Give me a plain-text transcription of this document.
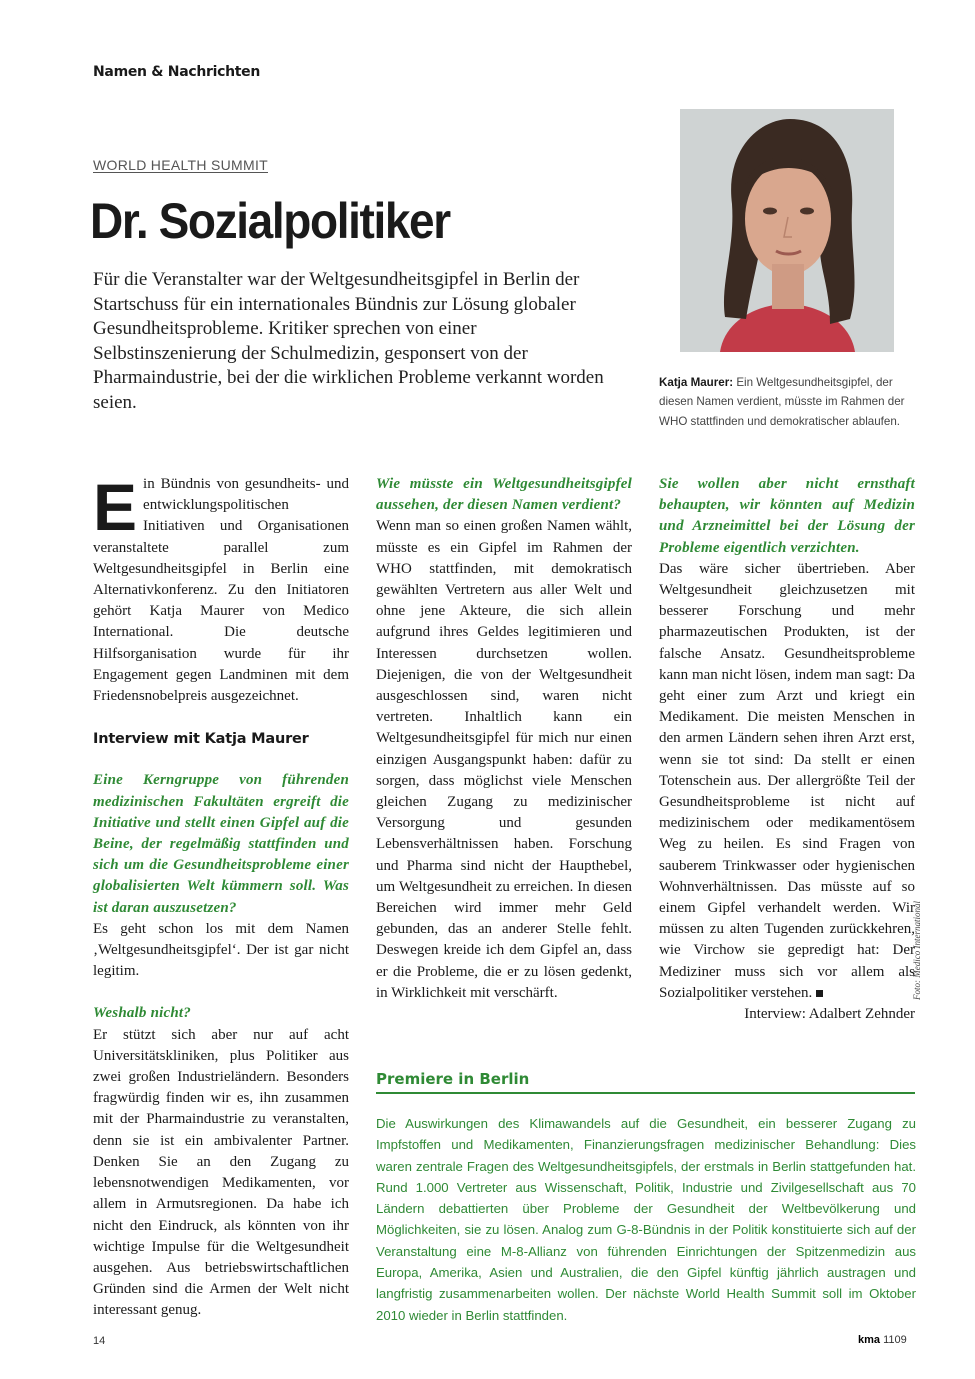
Namen & Nachrichten
WORLD HEALTH SUMMIT
Dr. Sozialpolitiker
Für die Veranstalter war der Weltgesundheitsgipfel in Berlin der Startschuss für ein internationales Bündnis zur Lösung globaler Gesundheitsprobleme. Kritiker sprechen von einer Selbstinszenierung der Schulmedizin, gesponsert von der Pharmaindustrie, bei der die wirklichen Probleme verkannt worden seien.
Katja Maurer: Ein Weltgesundheitsgipfel, der diesen Namen verdient, müsste im Rahmen der WHO stattfinden und demokratischer ablaufen.
Ein Bündnis von gesundheits- und entwicklungspolitischen Initiativen und Organisationen veranstaltete parallel zum Weltgesundheitsgipfel in Berlin eine Alternativkonferenz. Zu den Initiatoren gehört Katja Maurer von Medico International. Die deutsche Hilfsorganisation wurde für ihr Engagement gegen Landminen mit dem Friedensnobelpreis ausgezeichnet.
Interview mit Katja Maurer
Eine Kerngruppe von führenden medizinischen Fakultäten ergreift die Initiative und stellt einen Gipfel auf die Beine, der regelmäßig stattfinden und sich um die Gesundheitsprobleme einer globalisierten Welt kümmern soll. Was ist daran auszusetzen?
Es geht schon los mit dem Namen ‚Weltgesundheitsgipfel‘. Der ist gar nicht legitim.
Weshalb nicht?
Er stützt sich aber nur auf acht Universitätskliniken, plus Politiker aus zwei großen Industrieländern. Besonders fragwürdig finden wir es, ihn zusammen mit der Pharmaindustrie zu veranstalten, denn sie ist ein ambivalenter Partner. Denken Sie an den Zugang zu lebensnotwendigen Medikamenten, vor allem in Armutsregionen. Da habe ich nicht den Eindruck, als könnten von ihr wichtige Impulse für die Weltgesundheit ausgehen. Aus betriebswirtschaftlichen Gründen sind die Armen der Welt nicht interessant genug.
Wie müsste ein Weltgesundheitsgipfel aussehen, der diesen Namen verdient?
Wenn man so einen großen Namen wählt, müsste es ein Gipfel im Rahmen der WHO stattfinden, mit demokratisch gewählten Vertretern aus aller Welt und ohne jene Akteure, die sich allein aufgrund ihres Geldes legitimieren und Interessen durchsetzen wollen. Diejenigen, die von der Weltgesundheit ausgeschlossen sind, waren nicht vertreten. Inhaltlich kann ein Weltgesundheitsgipfel für mich nur einen einzigen Ausgangspunkt haben: dafür zu sorgen, dass möglichst viele Menschen gleichen Zugang zu medizinischer Versorgung und gesunden Lebensverhältnissen haben. Forschung und Pharma sind nicht der Haupthebel, um Weltgesundheit zu erreichen. In diesen Bereichen wird immer mehr Geld gebunden, das an anderer Stelle fehlt. Deswegen kreide ich dem Gipfel an, dass er die Probleme, die er zu lösen gedenkt, in Wirklichkeit mit verschärft.
Sie wollen aber nicht ernsthaft behaupten, wir könnten auf Medizin und Arzneimittel bei der Lösung der Probleme eigentlich verzichten.
Das wäre sicher übertrieben. Aber Weltgesundheit gleichzusetzen mit besserer Forschung und mehr pharmazeutischen Produkten, ist der falsche Ansatz. Gesundheitsprobleme kann man nicht lösen, indem man sagt: Da geht einer zum Arzt und kriegt ein Medikament. Die meisten Menschen in den armen Ländern sehen ihren Arzt erst, wenn sie tot sind: Da stellt er einen Totenschein aus. Der allergrößte Teil der Gesundheitsprobleme ist nicht auf medizinischem oder medikamentösem Weg zu heilen. Es sind Fragen von sauberem Trinkwasser oder hygienischen Wohnverhältnissen. Das müsste auf so einem Gipfel verhandelt werden. Wir müssen zu alten Tugenden zurückkehren, wie Virchow sie gepredigt hat: Der Mediziner muss sich vor allem als Sozialpolitiker verstehen.
Interview: Adalbert Zehnder
Foto: Medico International
Premiere in Berlin
Die Auswirkungen des Klimawandels auf die Gesundheit, ein besserer Zugang zu Impfstoffen und Medikamenten, Finanzierungsfragen medizinischer Behandlung: Dies waren zentrale Fragen des Weltgesundheitsgipfels, der erstmals in Berlin stattgefunden hat. Rund 1.000 Vertreter aus Wissenschaft, Politik, Industrie und Zivilgesellschaft aus 70 Ländern debattierten über Probleme der Gesundheit der Weltbevölkerung und Möglichkeiten, sie zu lösen. Analog zum G-8-Bündnis in der Politik konstituierte sich auf der Veranstaltung eine M-8-Allianz von führenden Einrichtungen der Spitzenmedizin aus Europa, Amerika, Asien und Australien, die den Gipfel künftig jährlich austragen und langfristig zusammenarbeiten wollen. Der nächste World Health Summit soll im Oktober 2010 wieder in Berlin stattfinden.
14	kma 1109
